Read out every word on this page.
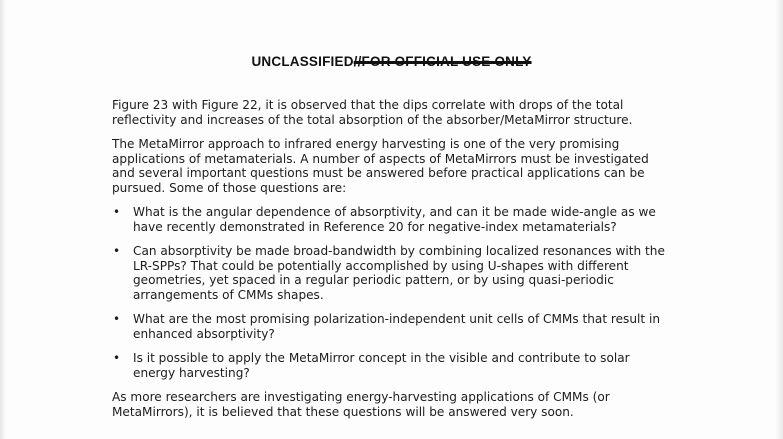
UNCLASSIFIED//FOR OFFICIAL USE ONLY

Figure 23 with Figure 22, it is observed that the dips correlate with drops of the total reflectivity and increases of the total absorption of the absorber/MetaMirror structure.

The MetaMirror approach to infrared energy harvesting is one of the very promising applications of metamaterials. A number of aspects of MetaMirrors must be investigated and several important questions must be answered before practical applications can be pursued. Some of those questions are:

• What is the angular dependence of absorptivity, and can it be made wide-angle as we have recently demonstrated in Reference 20 for negative-index metamaterials?
• Can absorptivity be made broad-bandwidth by combining localized resonances with the LR-SPPs? That could be potentially accomplished by using U-shapes with different geometries, yet spaced in a regular periodic pattern, or by using quasi-periodic arrangements of CMMs shapes.
• What are the most promising polarization-independent unit cells of CMMs that result in enhanced absorptivity?
• Is it possible to apply the MetaMirror concept in the visible and contribute to solar energy harvesting?

As more researchers are investigating energy-harvesting applications of CMMs (or MetaMirrors), it is believed that these questions will be answered very soon.
